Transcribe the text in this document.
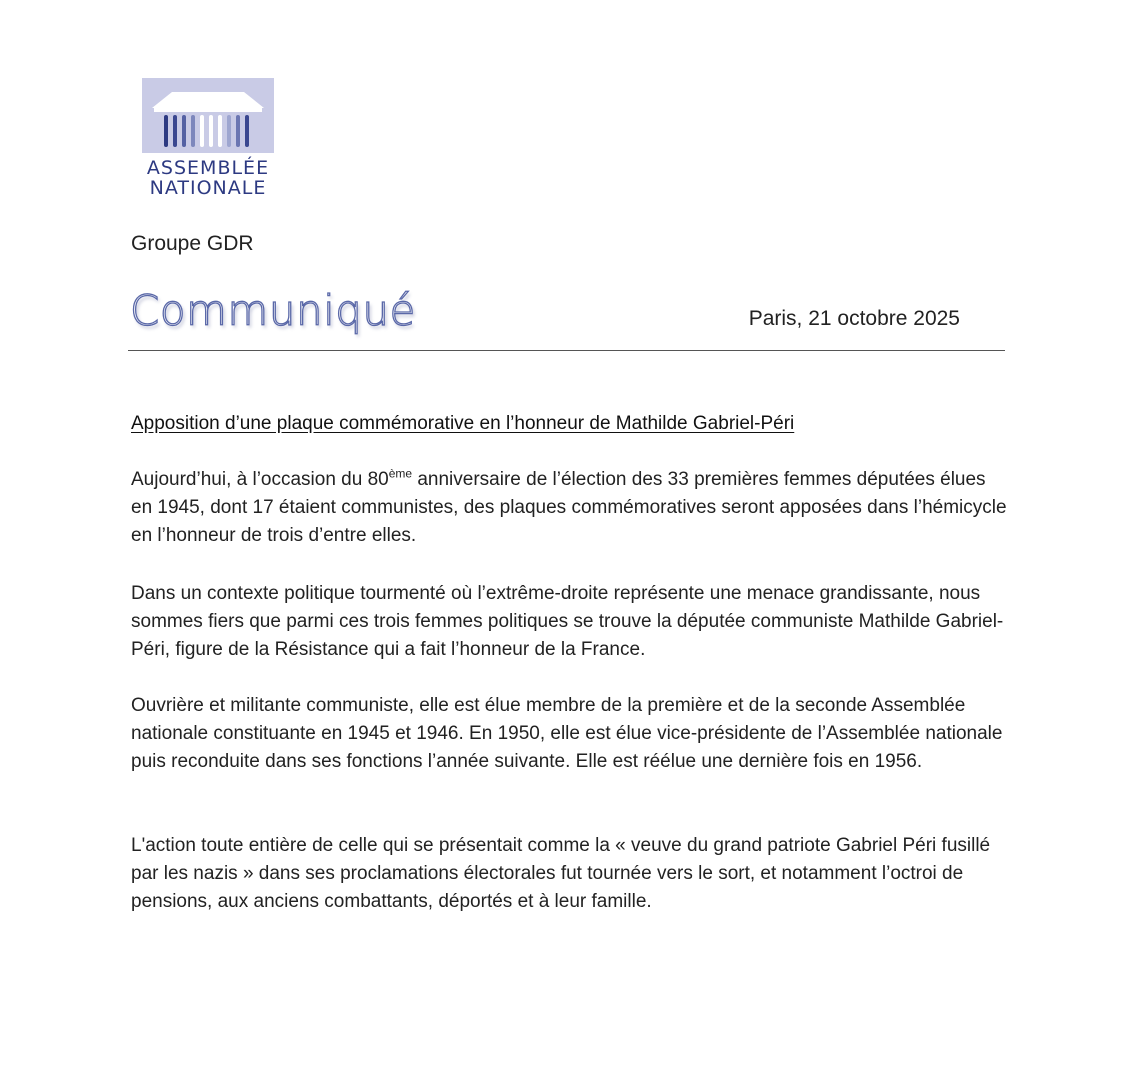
ASSEMBLÉE
NATIONALE
Groupe GDR
Communiqué	Paris, 21 octobre 2025
Apposition d’une plaque commémorative en l’honneur de Mathilde Gabriel-Péri

Aujourd’hui, à l’occasion du 80ème anniversaire de l’élection des 33 premières femmes députées élues en 1945, dont 17 étaient communistes, des plaques commémoratives seront apposées dans l’hémicycle en l’honneur de trois d’entre elles.

Dans un contexte politique tourmenté où l’extrême-droite représente une menace grandissante, nous sommes fiers que parmi ces trois femmes politiques se trouve la députée communiste Mathilde Gabriel-Péri, figure de la Résistance qui a fait l’honneur de la France.

Ouvrière et militante communiste, elle est élue membre de la première et de la seconde Assemblée nationale constituante en 1945 et 1946. En 1950, elle est élue vice-présidente de l’Assemblée nationale puis reconduite dans ses fonctions l’année suivante. Elle est réélue une dernière fois en 1956.

L'action toute entière de celle qui se présentait comme la « veuve du grand patriote Gabriel Péri fusillé par les nazis » dans ses proclamations électorales fut tournée vers le sort, et notamment l’octroi de pensions, aux anciens combattants, déportés et à leur famille.
